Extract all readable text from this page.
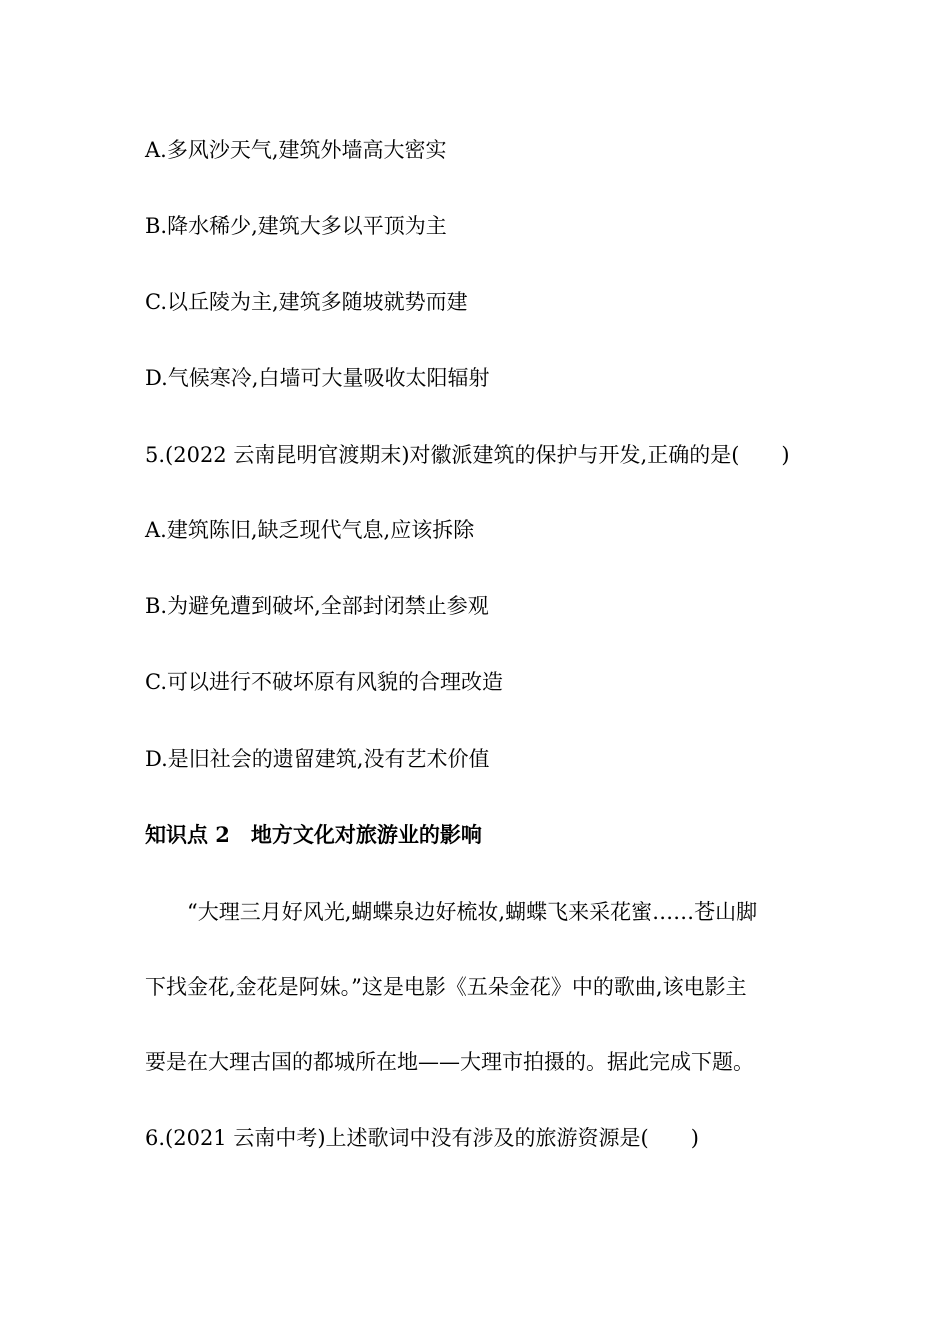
A.多风沙天气,建筑外墙高大密实
B.降水稀少,建筑大多以平顶为主
C.以丘陵为主,建筑多随坡就势而建
D.气候寒冷,白墙可大量吸收太阳辐射
5.(2022 云南昆明官渡期末)对徽派建筑的保护与开发,正确的是(　　)
A.建筑陈旧,缺乏现代气息,应该拆除
B.为避免遭到破坏,全部封闭禁止参观
C.可以进行不破坏原有风貌的合理改造
D.是旧社会的遗留建筑,没有艺术价值
知识点 2　地方文化对旅游业的影响
　　“大理三月好风光,蝴蝶泉边好梳妆,蝴蝶飞来采花蜜……苍山脚
下找金花,金花是阿妹。”这是电影《五朵金花》中的歌曲,该电影主
要是在大理古国的都城所在地——大理市拍摄的。据此完成下题。
6.(2021 云南中考)上述歌词中没有涉及的旅游资源是(　　)
